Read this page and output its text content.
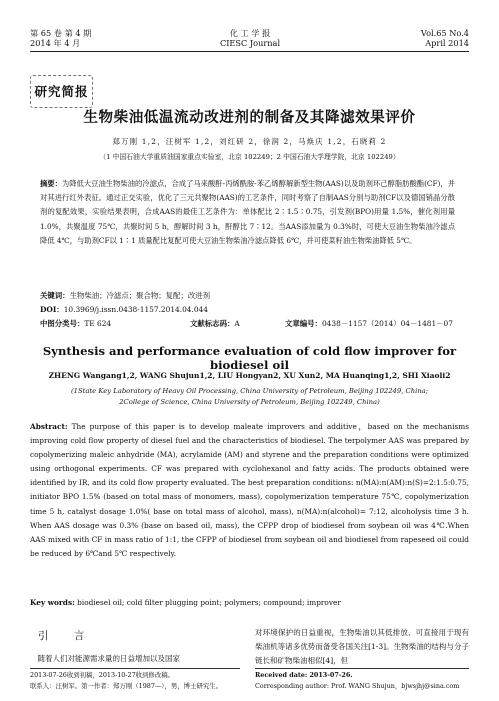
第 65 卷 第 4 期
2014 年 4 月
化 工 学 报
CIESC Journal
Vol.65 No.4
April 2014
研究简报
生物柴油低温流动改进剂的制备及其降滤效果评价
郑万刚 1,2，汪树军 1,2，刘红研 2，徐润 2，马焕庆 1,2，石晓莉 2
（1 中国石油大学重质油国家重点实验室，北京 102249；2 中国石油大学理学院，北京 102249）
摘要：为降低大豆油生物柴油的冷滤点，合成了马来酸酐-丙烯酰胺-苯乙烯醇解新型生物(AAS)以及助剂环己醇脂肪酸酯(CF)，并对其进行红外表征。通过正交实验，优化了三元共聚物(AAS)的工艺条件，同时考察了自制AAS分别与助剂CF以及德国销晶分散剂的复配效果，实验结果表明，合成AAS的最佳工艺条件为：单体配比 2∶1.5∶0.75，引发剂(BPO)用量 1.5%，催化剂用量 1.0%，共聚温度 75℃，共聚时间 5 h，醇解时间 3 h，酐醇比 7∶12。当AAS添加量为 0.3%时，可使大豆油生物柴油冷滤点降低 4℃，与助剂CF以 1∶1 质量配比复配可使大豆油生物柴油冷滤点降低 6℃，并可使菜籽油生物柴油降低 5℃。
关键词：生物柴油；冷滤点；聚合物；复配；改进剂
DOI：10.3969/j.issn.0438-1157.2014.04.044
中图分类号：TE 624	文献标志码：A	文章编号：0438－1157（2014）04－1481－07
Synthesis and performance evaluation of cold flow improver for biodiesel oil
ZHENG Wangang1,2, WANG Shujun1,2, LIU Hongyan2, XU Xun2, MA Huanqing1,2, SHI Xiaoli2
(1State Key Laboratory of Heavy Oil Processing, China University of Petroleum, Beijing 102249, China;
2College of Science, China University of Petroleum, Beijing 102249, China)
Abstract: The purpose of this paper is to develop maleate improvers and additive，based on the mechanisms improving cold flow property of diesel fuel and the characteristics of biodiesel. The terpolymer AAS was prepared by copolymerizing maleic anhydride (MA), acrylamide (AM) and styrene and the preparation conditions were optimized using orthogonal experiments. CF was prepared with cyclohexanol and fatty acids. The products obtained were identified by IR, and its cold flow property evaluated. The best preparation conditions: n(MA):n(AM):n(S)=2:1.5:0.75, initiator BPO 1.5% (based on total mass of monomers, mass), copolymerization temperature 75℃, copolymerization time 5 h, catalyst dosage 1.0%( base on total mass of alcohol, mass), n(MA):n(alcohol)= 7:12, alcoholysis time 3 h. When AAS dosage was 0.3% (base on based oil, mass), the CFPP drop of biodiesel from soybean oil was 4℃.When AAS mixed with CF in mass ratio of 1:1, the CFPP of biodiesel from soybean oil and biodiesel from rapeseed oil could be reduced by 6℃and 5℃ respectively.
Key words: biodiesel oil; cold filter plugging point; polymers; compound; improver
引 言
随着人们对能源需求量的日益增加以及国家
对环境保护的日益重视，生物柴油以其低排放、可直接用于现有柴油机等诸多优势而备受各国关注[1-3]。生物柴油的结构与分子链长和矿物柴油相似[4]，但
2013-07-26收到初稿，2013-10-27收到修改稿。
联系人：汪树军。第一作者：郑万刚（1987—），男，博士研究生。
Received date: 2013-07-26.
Corresponding author: Prof. WANG Shujun，bjwsjhj@sina.com
